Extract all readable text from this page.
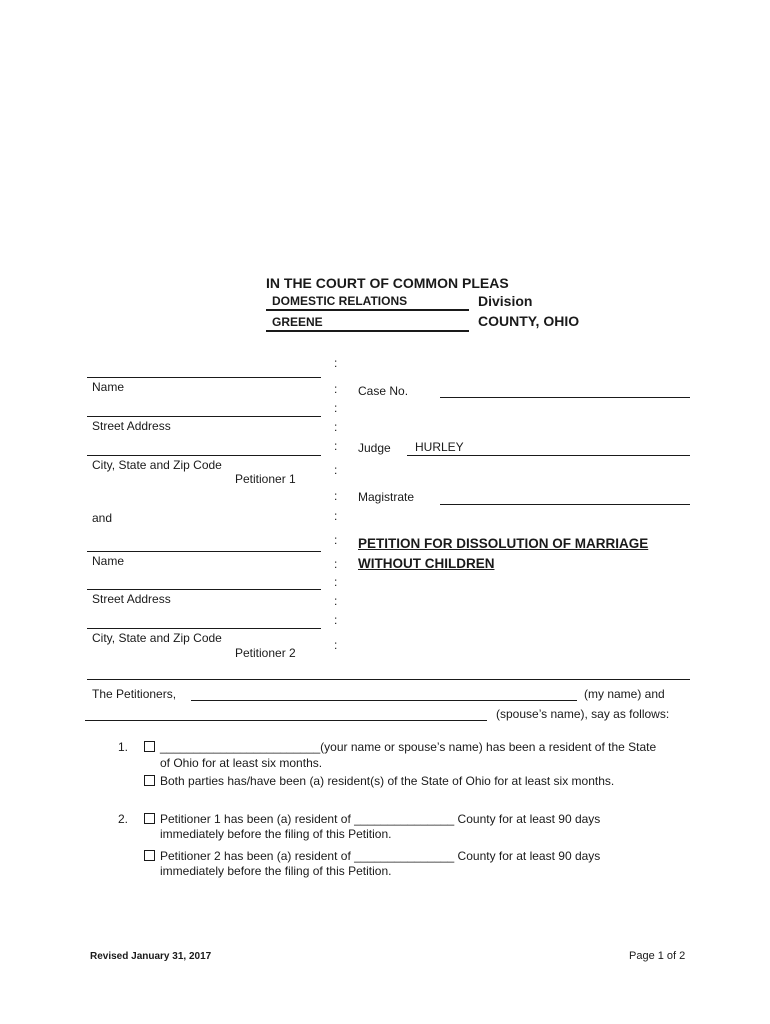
IN THE COURT OF COMMON PLEAS
DOMESTIC RELATIONS	Division
GREENE	COUNTY, OHIO
:
:
:
:
:
:
:
:
:
:
:
:
:
:
Name
Street Address
City, State and Zip Code
Petitioner 1
and
Name
Street Address
City, State and Zip Code
Petitioner 2
Case No.
Judge HURLEY
Magistrate
PETITION FOR DISSOLUTION OF MARRIAGE
WITHOUT CHILDREN
The Petitioners,	(my name) and
(spouse’s name), say as follows:
1.	________________________(your name or spouse’s name) has been a resident of the State
of Ohio for at least six months.
Both parties has/have been (a) resident(s) of the State of Ohio for at least six months.
2.	Petitioner 1 has been (a) resident of _______________ County for at least 90 days
immediately before the filing of this Petition.
Petitioner 2 has been (a) resident of _______________ County for at least 90 days
immediately before the filing of this Petition.
Revised January 31, 2017	Page 1 of 2
